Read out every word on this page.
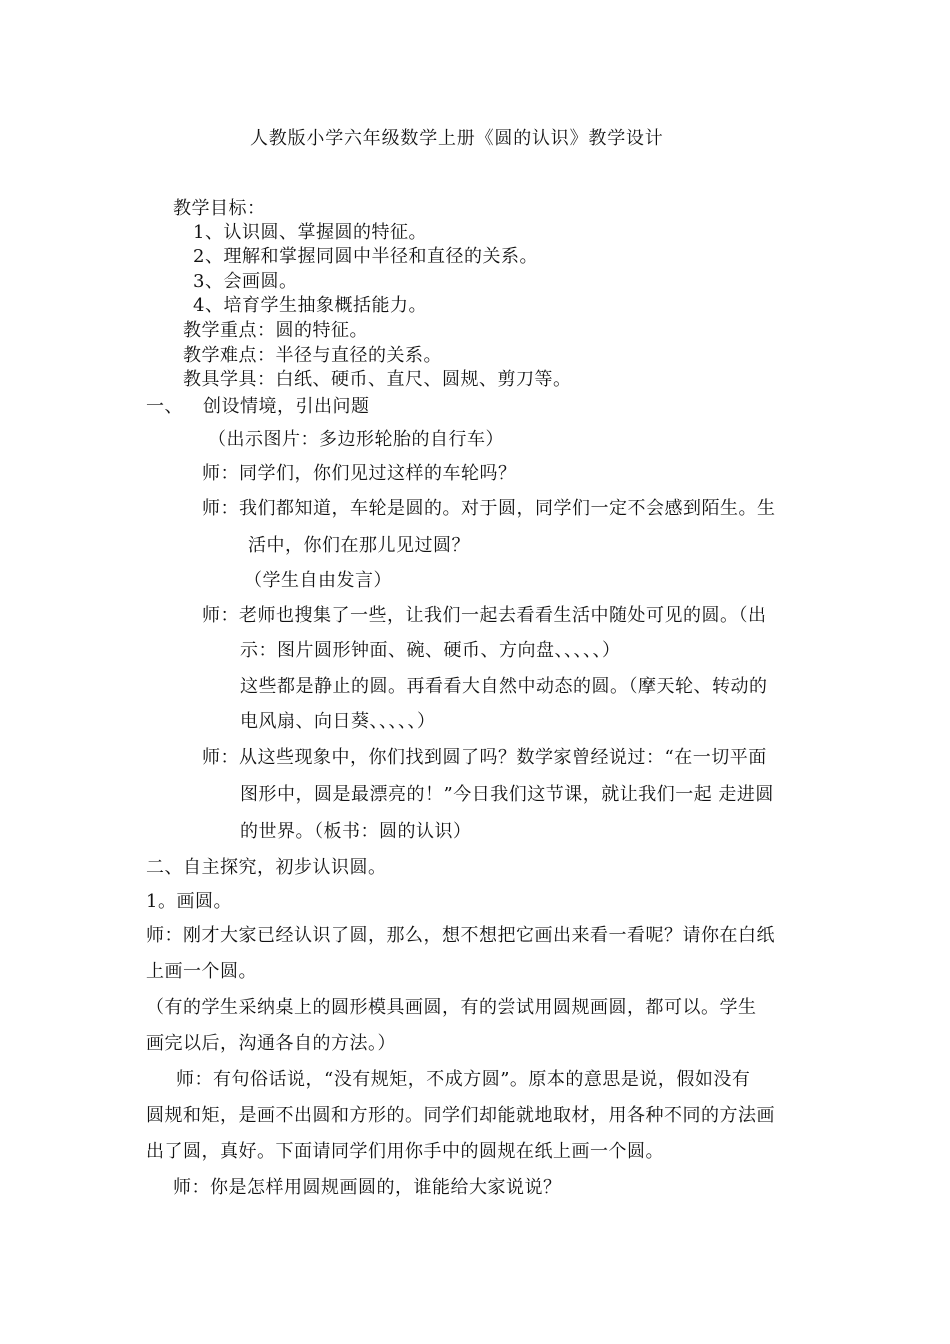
人教版小学六年级数学上册《圆的认识》教学设计
教学目标：
1、认识圆、掌握圆的特征。
2、理解和掌握同圆中半径和直径的关系。
3、会画圆。
4、培育学生抽象概括能力。
教学重点：圆的特征。
教学难点：半径与直径的关系。
教具学具：白纸、硬币、直尺、圆规、剪刀等。
一、 创设情境，引出问题
（出示图片：多边形轮胎的自行车）
师：同学们，你们见过这样的车轮吗？
师：我们都知道，车轮是圆的。对于圆，同学们一定不会感到陌生。生
活中，你们在那儿见过圆？
（学生自由发言）
师：老师也搜集了一些，让我们一起去看看生活中随处可见的圆。（出
示：图片圆形钟面、碗、硬币、方向盘、、、、、）
这些都是静止的圆。再看看大自然中动态的圆。（摩天轮、转动的
电风扇、向日葵、、、、、）
师：从这些现象中，你们找到圆了吗？数学家曾经说过：“在一切平面
图形中，圆是最漂亮的！”今日我们这节课，就让我们一起 走进圆
的世界。（板书：圆的认识）
二、自主探究，初步认识圆。
1。画圆。
师：刚才大家已经认识了圆，那么，想不想把它画出来看一看呢？请你在白纸
上画一个圆。
（有的学生采纳桌上的圆形模具画圆，有的尝试用圆规画圆，都可以。学生
画完以后，沟通各自的方法。）
师：有句俗话说，“没有规矩，不成方圆”。原本的意思是说，假如没有
圆规和矩，是画不出圆和方形的。同学们却能就地取材，用各种不同的方法画
出了圆，真好。下面请同学们用你手中的圆规在纸上画一个圆。
师：你是怎样用圆规画圆的，谁能给大家说说？
